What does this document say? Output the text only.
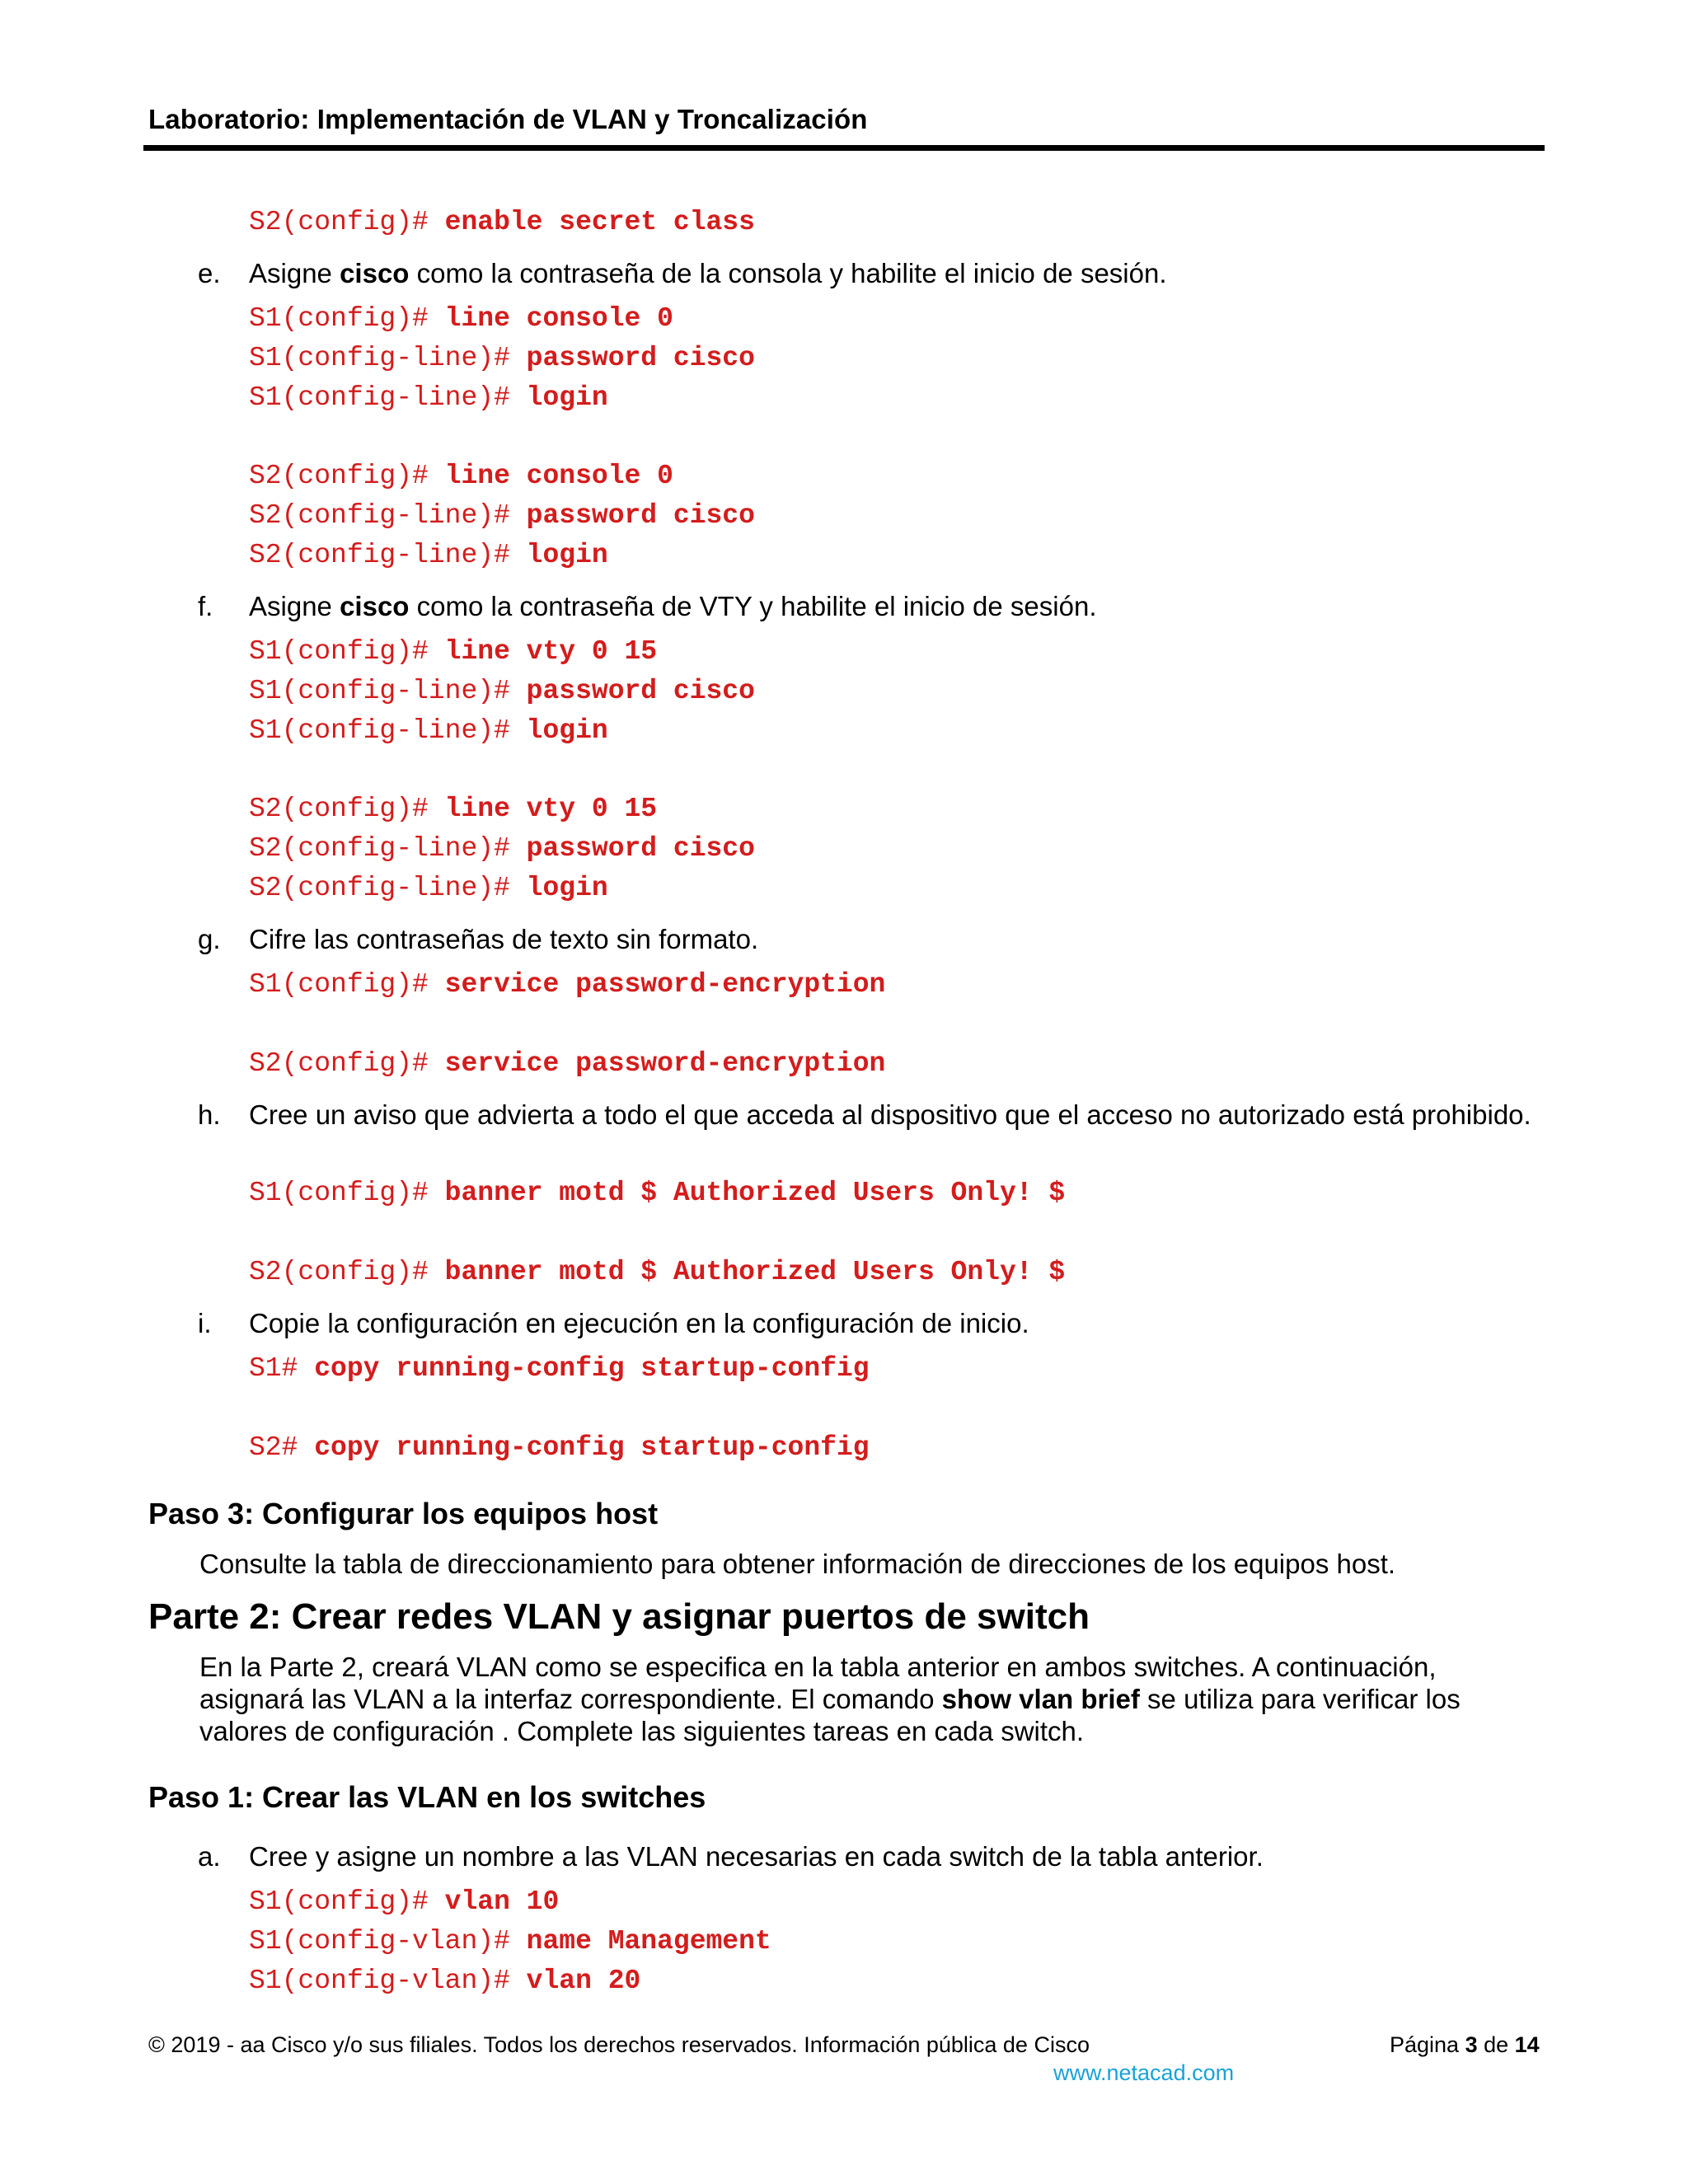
Laboratorio: Implementación de VLAN y Troncalización
S2(config)# enable secret class
e. Asigne cisco como la contraseña de la consola y habilite el inicio de sesión.
S1(config)# line console 0
S1(config-line)# password cisco
S1(config-line)# login
S2(config)# line console 0
S2(config-line)# password cisco
S2(config-line)# login
f. Asigne cisco como la contraseña de VTY y habilite el inicio de sesión.
S1(config)# line vty 0 15
S1(config-line)# password cisco
S1(config-line)# login
S2(config)# line vty 0 15
S2(config-line)# password cisco
S2(config-line)# login
g. Cifre las contraseñas de texto sin formato.
S1(config)# service password-encryption
S2(config)# service password-encryption
h. Cree un aviso que advierta a todo el que acceda al dispositivo que el acceso no autorizado está prohibido.
S1(config)# banner motd $ Authorized Users Only! $
S2(config)# banner motd $ Authorized Users Only! $
i. Copie la configuración en ejecución en la configuración de inicio.
S1# copy running-config startup-config
S2# copy running-config startup-config
Paso 3: Configurar los equipos host
Consulte la tabla de direccionamiento para obtener información de direcciones de los equipos host.
Parte 2: Crear redes VLAN y asignar puertos de switch
En la Parte 2, creará VLAN como se especifica en la tabla anterior en ambos switches. A continuación, asignará las VLAN a la interfaz correspondiente. El comando show vlan brief se utiliza para verificar los valores de configuración . Complete las siguientes tareas en cada switch.
Paso 1: Crear las VLAN en los switches
a. Cree y asigne un nombre a las VLAN necesarias en cada switch de la tabla anterior.
S1(config)# vlan 10
S1(config-vlan)# name Management
S1(config-vlan)# vlan 20
© 2019 - aa Cisco y/o sus filiales. Todos los derechos reservados. Información pública de Cisco	Página 3 de 14
www.netacad.com
